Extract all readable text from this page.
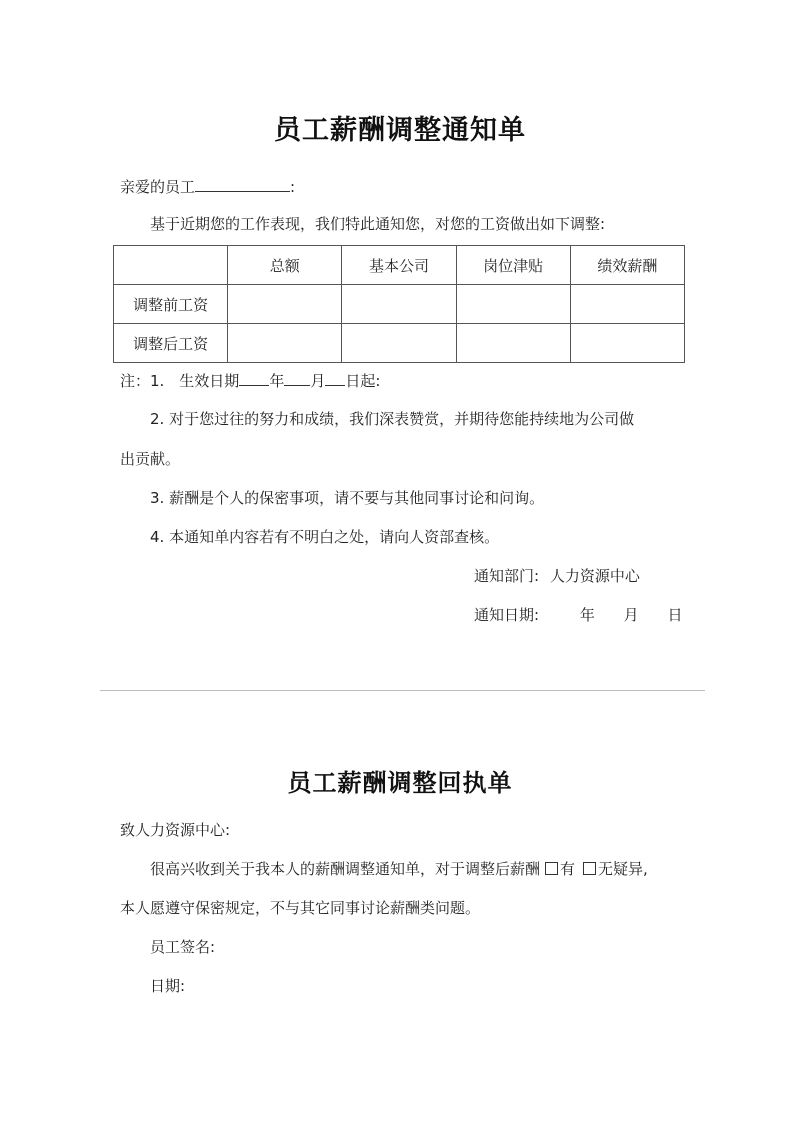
员工薪酬调整通知单
亲爱的员工	:
基于近期您的工作表现，我们特此通知您，对您的工资做出如下调整:
	总额	基本公司	岗位津贴	绩效薪酬
调整前工资				
调整后工资				
注：1.　生效日期 年 月 日起:
2. 对于您过往的努力和成绩，我们深表赞赏，并期待您能持续地为公司做
出贡献。
3. 薪酬是个人的保密事项，请不要与其他同事讨论和问询。
4. 本通知单内容若有不明白之处，请向人资部查核。
通知部门: 人力资源中心
通知日期:	年 月 日
员工薪酬调整回执单
致人力资源中心:
很高兴收到关于我本人的薪酬调整通知单，对于调整后薪酬 有 无疑异,
本人愿遵守保密规定，不与其它同事讨论薪酬类问题。
员工签名:
日期:
